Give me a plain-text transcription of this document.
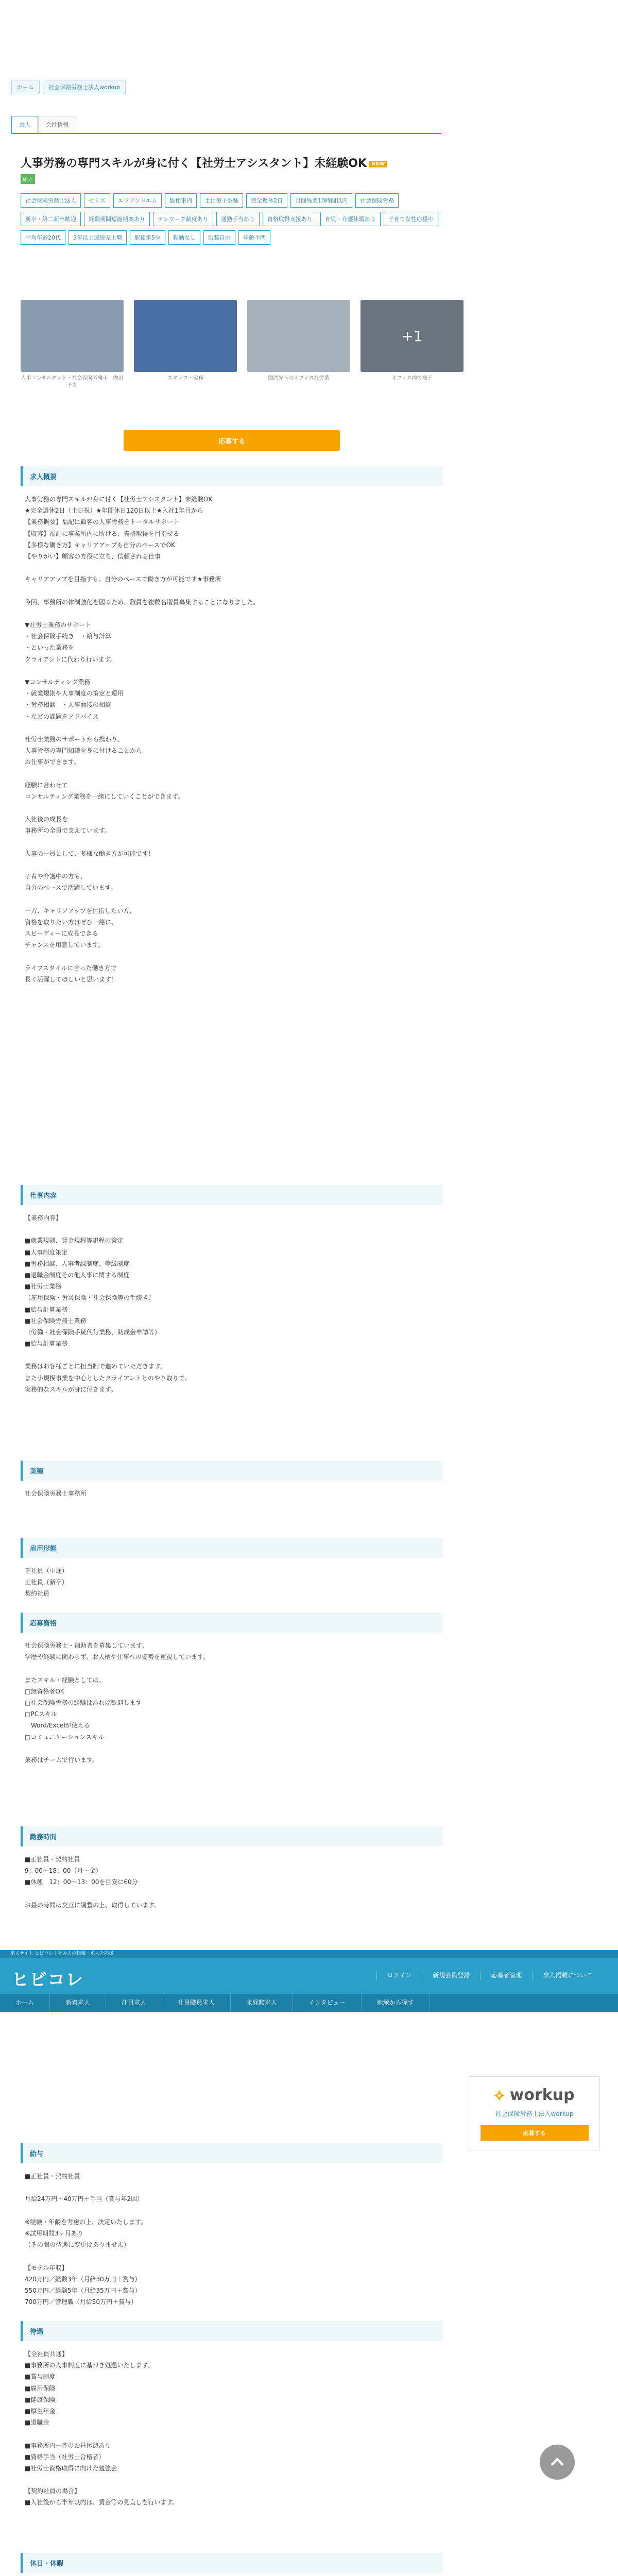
ホーム	社会保険労務士法人workup
求人	会社情報
人事労務の専門スキルが身に付く【社労士アシスタント】未経験OK NEW
紹介
社会保険労務士法人	セミズ	エフアンドエム	総仕事内	土に毎子券強	完全週休2日	月間残業10時間以内	社会保険労務
新卒・第二新卒歓迎	経験期間短縮期案あり	テレワーク制度あり	通勤手当あり	資格取得支援あり	育児・介護休暇あり	子育て女性応援中
平均年齢20代	3年以上連続売上増	駅徒歩5分	転勤なし	服装自由	年齢不問
人事コンサルタント・社会保険労務士　内田千丸
スタッフ・実務	顧問先へのオフィス社労業
+1
オフィス内の様子
応募する
求人概要
人事労務の専門スキルが身に付く【社労士アシスタント】未経験OK
★完全週休2日（土日祝）★年間休日120日以上★入社1年目から
【業務概要】福記に顧客の人事労務をトータルサポート
【収容】福記に事業所内に所ける、資格取得を目指せる
【多様な働き方】キャリアアップも自分のペースでOK
【やりがい】顧客の方役に立ち、信頼される仕事

キャリアアップを目指すも、自分のペースで働き方が可能です★事務所

今回、事務所の体制強化を図るため、職員を複数名増員募集することになりました。

▼社労士業務のサポート
・社会保険手続き　・給与計算
・といった業務を
クライアントに代わり行います。

▼コンサルティング業務
・就業規則や人事制度の策定と運用
・労務相談　・人事面接の相談
・などの課題をアドバイス

社労士業務のサポートから携わり、
人事労務の専門知識を身に付けることから
お仕事ができます。

経験に合わせて
コンサルティング業務を一緒にしていくことができます。

入社後の成長を
事務所の全員で支えています。

人事の一員として、多様な働き方が可能です！

子育や介護中の方も、
自分のペースで活躍しています。

一方、キャリアアップを目指したい方、
資格を取りたい方はぜひ一緒に、
スピーディーに成長できる
チャンスを用意しています。

ライフスタイルに合った働き方で
長く活躍してほしいと思います！
仕事内容
【業務内容】

■就業規則、賃金規程等規程の策定
■人事制度策定
■労務相談、人事考課制度、等級制度
■退職金制度その他人事に関する制度
■社労士業務
（雇用保険・労災保険・社会保険等の手続き）
■給与計算業務
■社会保険労務士業務
（労働・社会保険手続代行業務、助成金申請等）
■給与計算業務

業務はお客様ごとに担当制で進めていただきます。
また小規模事業を中心としたクライアントとのやり取りで、
実務的なスキルが身に付きます。
業種
社会保険労務士事務所
雇用形態
正社員（中途）
正社員（新卒）
契約社員
応募資格
社会保険労務士・補助者を募集しています。
学歴や経験に関わらず、お人柄や仕事への姿勢を重視しています。

またスキル・経験としては、
□無資格者OK
□社会保険労務の経験はあれば歓迎します
□PCスキル
　Word/Excelが使える
□コミュニケーションスキル

業務はチームで行います。
勤務時間
■正社員・契約社員
9：00～18：00（月～金）
■休憩　12：00～13：00を目安に60分

お昼の時間は交互に調整の上、取得しています。
給与
■正社員・契約社員

月給24万円～40万円＋手当（賞与年2回）

※経験・年齢を考慮の上、決定いたします。
※試用期間3ヶ月あり
（その間の待遇に変更はありません）

【モデル年収】
420万円／経験3年（月給30万円＋賞与）
550万円／経験5年（月給35万円＋賞与）
700万円／管理職（月給50万円＋賞与）
待遇
【全社員共通】
■事務所の人事制度に基づき処遇いたします。
■賞与制度
■雇用保険
■健康保険
■厚生年金
■退職金

■事務所内一斉のお昼休憩あり
■資格手当（社労士合格者）
■社労士資格取得に向けた勉強会

【契約社員の場合】
■入社後から半年以内は、賃金等の見直しを行います。
休日・休暇
求人サイト ヒビコレ｜社会人の転職・求人を応援
ヒビコレ	ログイン	新規会員登録	応募者管理	求人掲載について
ホーム	新着求人	注目求人	社員職員求人	未経験求人	インタビュー	地域から探す
⟡ workup
社会保険労務士法人workup
応募する
